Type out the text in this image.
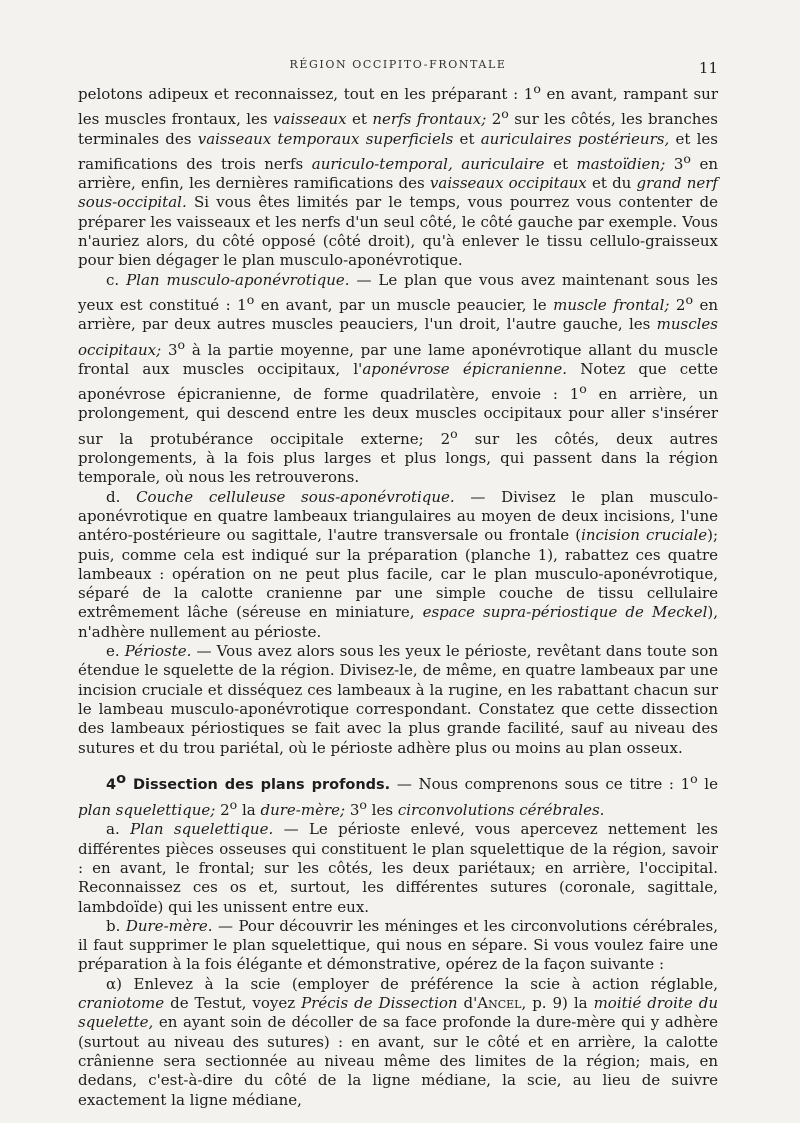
RÉGION OCCIPITO-FRONTALE	11

pelotons adipeux et reconnaissez, tout en les préparant : 1$^o$ en avant, rampant sur les muscles frontaux, les vaisseaux et nerfs frontaux; 2$^o$ sur les côtés, les branches terminales des vaisseaux temporaux superficiels et auriculaires postérieurs, et les ramifications des trois nerfs auriculo-temporal, auriculaire et mastoïdien; 3$^o$ en arrière, enfin, les dernières ramifications des vaisseaux occipitaux et du grand nerf sous-occipital. Si vous êtes limités par le temps, vous pourrez vous contenter de préparer les vaisseaux et les nerfs d'un seul côté, le côté gauche par exemple. Vous n'auriez alors, du côté opposé (côté droit), qu'à enlever le tissu cellulo-graisseux pour bien dégager le plan musculo-aponévrotique.

c. Plan musculo-aponévrotique. — Le plan que vous avez maintenant sous les yeux est constitué : 1$^o$ en avant, par un muscle peaucier, le muscle frontal; 2$^o$ en arrière, par deux autres muscles peauciers, l'un droit, l'autre gauche, les muscles occipitaux; 3$^o$ à la partie moyenne, par une lame aponévrotique allant du muscle frontal aux muscles occipitaux, l'aponévrose épicranienne. Notez que cette aponévrose épicranienne, de forme quadrilatère, envoie : 1$^o$ en arrière, un prolongement, qui descend entre les deux muscles occipitaux pour aller s'insérer sur la protubérance occipitale externe; 2$^o$ sur les côtés, deux autres prolongements, à la fois plus larges et plus longs, qui passent dans la région temporale, où nous les retrouverons.

d. Couche celluleuse sous-aponévrotique. — Divisez le plan musculo-aponévrotique en quatre lambeaux triangulaires au moyen de deux incisions, l'une antéro-postérieure ou sagittale, l'autre transversale ou frontale (incision cruciale); puis, comme cela est indiqué sur la préparation (planche 1), rabattez ces quatre lambeaux : opération on ne peut plus facile, car le plan musculo-aponévrotique, séparé de la calotte cranienne par une simple couche de tissu cellulaire extrêmement lâche (séreuse en miniature, espace supra-périostique de Meckel), n'adhère nullement au périoste.

e. Périoste. — Vous avez alors sous les yeux le périoste, revêtant dans toute son étendue le squelette de la région. Divisez-le, de même, en quatre lambeaux par une incision cruciale et disséquez ces lambeaux à la rugine, en les rabattant chacun sur le lambeau musculo-aponévrotique correspondant. Constatez que cette dissection des lambeaux périostiques se fait avec la plus grande facilité, sauf au niveau des sutures et du trou pariétal, où le périoste adhère plus ou moins au plan osseux.

4$^o$ Dissection des plans profonds. — Nous comprenons sous ce titre : 1$^o$ le plan squelettique; 2$^o$ la dure-mère; 3$^o$ les circonvolutions cérébrales.

a. Plan squelettique. — Le périoste enlevé, vous apercevez nettement les différentes pièces osseuses qui constituent le plan squelettique de la région, savoir : en avant, le frontal; sur les côtés, les deux pariétaux; en arrière, l'occipital. Reconnaissez ces os et, surtout, les différentes sutures (coronale, sagittale, lambdoïde) qui les unissent entre eux.

b. Dure-mère. — Pour découvrir les méninges et les circonvolutions cérébrales, il faut supprimer le plan squelettique, qui nous en sépare. Si vous voulez faire une préparation à la fois élégante et démonstrative, opérez de la façon suivante :

α) Enlevez à la scie (employer de préférence la scie à action réglable, craniotome de Testut, voyez Précis de Dissection d'Ancel, p. 9) la moitié droite du squelette, en ayant soin de décoller de sa face profonde la dure-mère qui y adhère (surtout au niveau des sutures) : en avant, sur le côté et en arrière, la calotte crânienne sera sectionnée au niveau même des limites de la région; mais, en dedans, c'est-à-dire du côté de la ligne médiane, la scie, au lieu de suivre exactement la ligne médiane,
